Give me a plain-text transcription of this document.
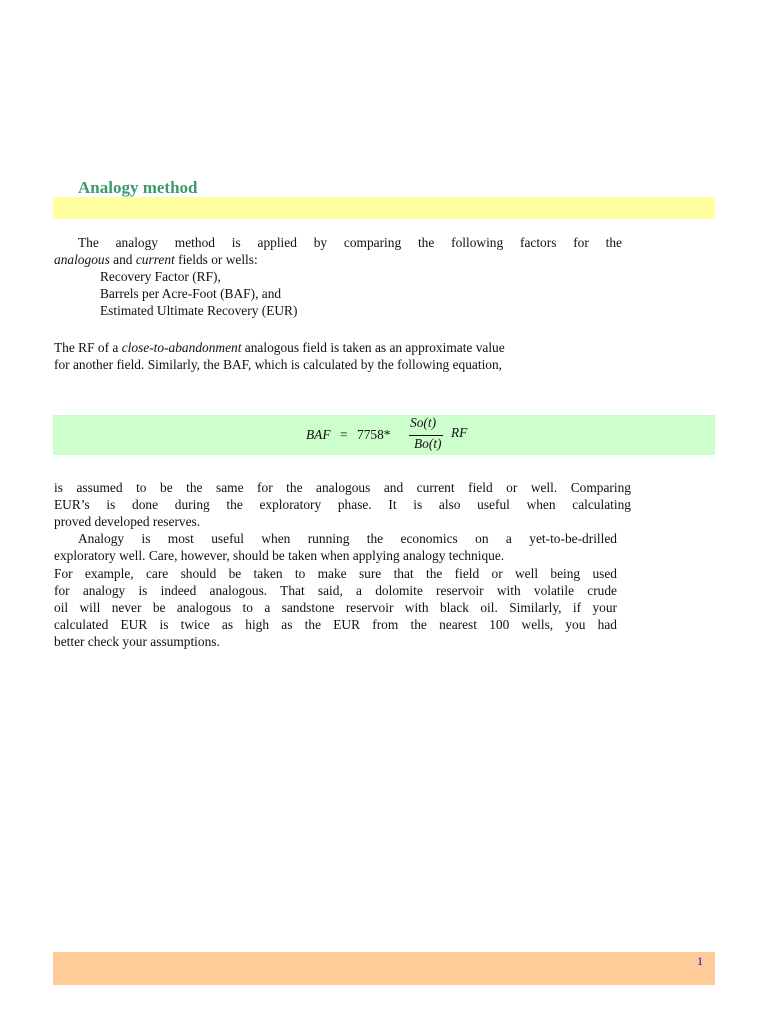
Analogy method
The analogy method is applied by comparing the following factors for the
analogous and current fields or wells:
Recovery Factor (RF),
Barrels per Acre-Foot (BAF), and
Estimated Ultimate Recovery (EUR)
The RF of a close-to-abandonment analogous field is taken as an approximate value
for another field. Similarly, the BAF, which is calculated by the following equation,
BAF = 7758*
So(t)
Bo(t)
RF
is assumed to be the same for the analogous and current field or well. Comparing
EUR’s is done during the exploratory phase. It is also useful when calculating
proved developed reserves.
Analogy is most useful when running the economics on a yet-to-be-drilled
exploratory well. Care, however, should be taken when applying analogy technique.
For example, care should be taken to make sure that the field or well being used
for analogy is indeed analogous. That said, a dolomite reservoir with volatile crude
oil will never be analogous to a sandstone reservoir with black oil. Similarly, if your
calculated EUR is twice as high as the EUR from the nearest 100 wells, you had
better check your assumptions.
1
